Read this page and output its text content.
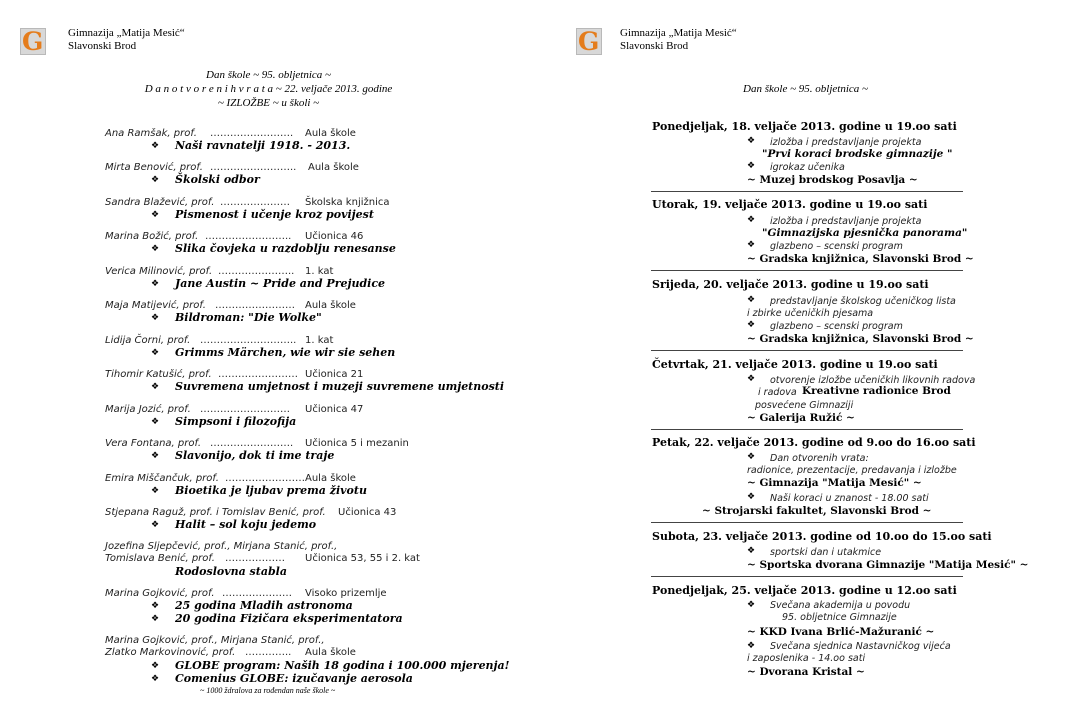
G Gimnazija „Matija Mesić“
Slavonski Brod
Dan škole ~ 95. obljetnica ~
D a n o t v o r e n i h v r a t a ~ 22. veljače 2013. godine
~ IZLOŽBE ~ u školi ~
Ana Ramšak, prof. ……………………. Aula škole
❖ Naši ravnatelji 1918. - 2013.
Mirta Benović, prof. …………………….. Aula škole
❖ Školski odbor
Sandra Blažević, prof. ………………… Školska knjižnica
❖ Pismenost i učenje kroz povijest
Marina Božić, prof. …………………….. Učionica 46
❖ Slika čovjeka u razdoblju renesanse
Verica Milinović, prof. ………………….. 1. kat
❖ Jane Austin ~ Pride and Prejudice
Maja Matijević, prof. …………………… Aula škole
❖ Bildroman: "Die Wolke"
Lidija Čorni, prof. ……………………….. 1. kat
❖ Grimms Märchen, wie wir sie sehen
Tihomir Katušić, prof. …………………… Učionica 21
❖ Suvremena umjetnost i muzeji suvremene umjetnosti
Marija Jozić, prof. ……………………… Učionica 47
❖ Simpsoni i filozofija
Vera Fontana, prof. ……………………. Učionica 5 i mezanin
❖ Slavonijo, dok ti ime traje
Emira Miščančuk, prof. …………………… Aula škole
❖ Bioetika je ljubav prema životu
Stjepana Raguž, prof. i Tomislav Benić, prof. Učionica 43
❖ Halit – sol koju jedemo
Jozefina Sljepčević, prof., Mirjana Stanić, prof.,
Tomislava Benić, prof. ……………… Učionica 53, 55 i 2. kat
Rodoslovna stabla
Marina Gojković, prof. ………………… Visoko prizemlje
❖ 25 godina Mladih astronoma
❖ 20 godina Fizičara eksperimentatora
Marina Gojković, prof., Mirjana Stanić, prof.,
Zlatko Markovinović, prof. ………….. Aula škole
❖ GLOBE program: Naših 18 godina i 100.000 mjerenja!
❖ Comenius GLOBE: izučavanje aerosola
~ 1000 ždralova za rođendan naše škole ~
G Gimnazija „Matija Mesić“
Slavonski Brod
Dan škole ~ 95. obljetnica ~
Ponedjeljak, 18. veljače 2013. godine u 19.oo sati
❖ izložba i predstavljanje projekta
"Prvi koraci brodske gimnazije "
❖ igrokaz učenika
~ Muzej brodskog Posavlja ~
Utorak, 19. veljače 2013. godine u 19.oo sati
❖ izložba i predstavljanje projekta
"Gimnazijska pjesnička panorama"
❖ glazbeno – scenski program
~ Gradska knjižnica, Slavonski Brod ~
Srijeda, 20. veljače 2013. godine u 19.oo sati
❖ predstavljanje školskog učeničkog lista
i zbirke učeničkih pjesama
❖ glazbeno – scenski program
~ Gradska knjižnica, Slavonski Brod ~
Četvrtak, 21. veljače 2013. godine u 19.oo sati
❖ otvorenje izložbe učeničkih likovnih radova
i radova Kreativne radionice Brod
posvećene Gimnaziji
~ Galerija Ružić ~
Petak, 22. veljače 2013. godine od 9.oo do 16.oo sati
❖ Dan otvorenih vrata:
radionice, prezentacije, predavanja i izložbe
~ Gimnazija "Matija Mesić" ~
❖ Naši koraci u znanost - 18.00 sati
~ Strojarski fakultet, Slavonski Brod ~
Subota, 23. veljače 2013. godine od 10.oo do 15.oo sati
❖ sportski dan i utakmice
~ Sportska dvorana Gimnazije "Matija Mesić" ~
Ponedjeljak, 25. veljače 2013. godine u 12.oo sati
❖ Svečana akademija u povodu
95. obljetnice Gimnazije
~ KKD Ivana Brlić-Mažuranić ~
❖ Svečana sjednica Nastavničkog vijeća
i zaposlenika - 14.oo sati
~ Dvorana Kristal ~
